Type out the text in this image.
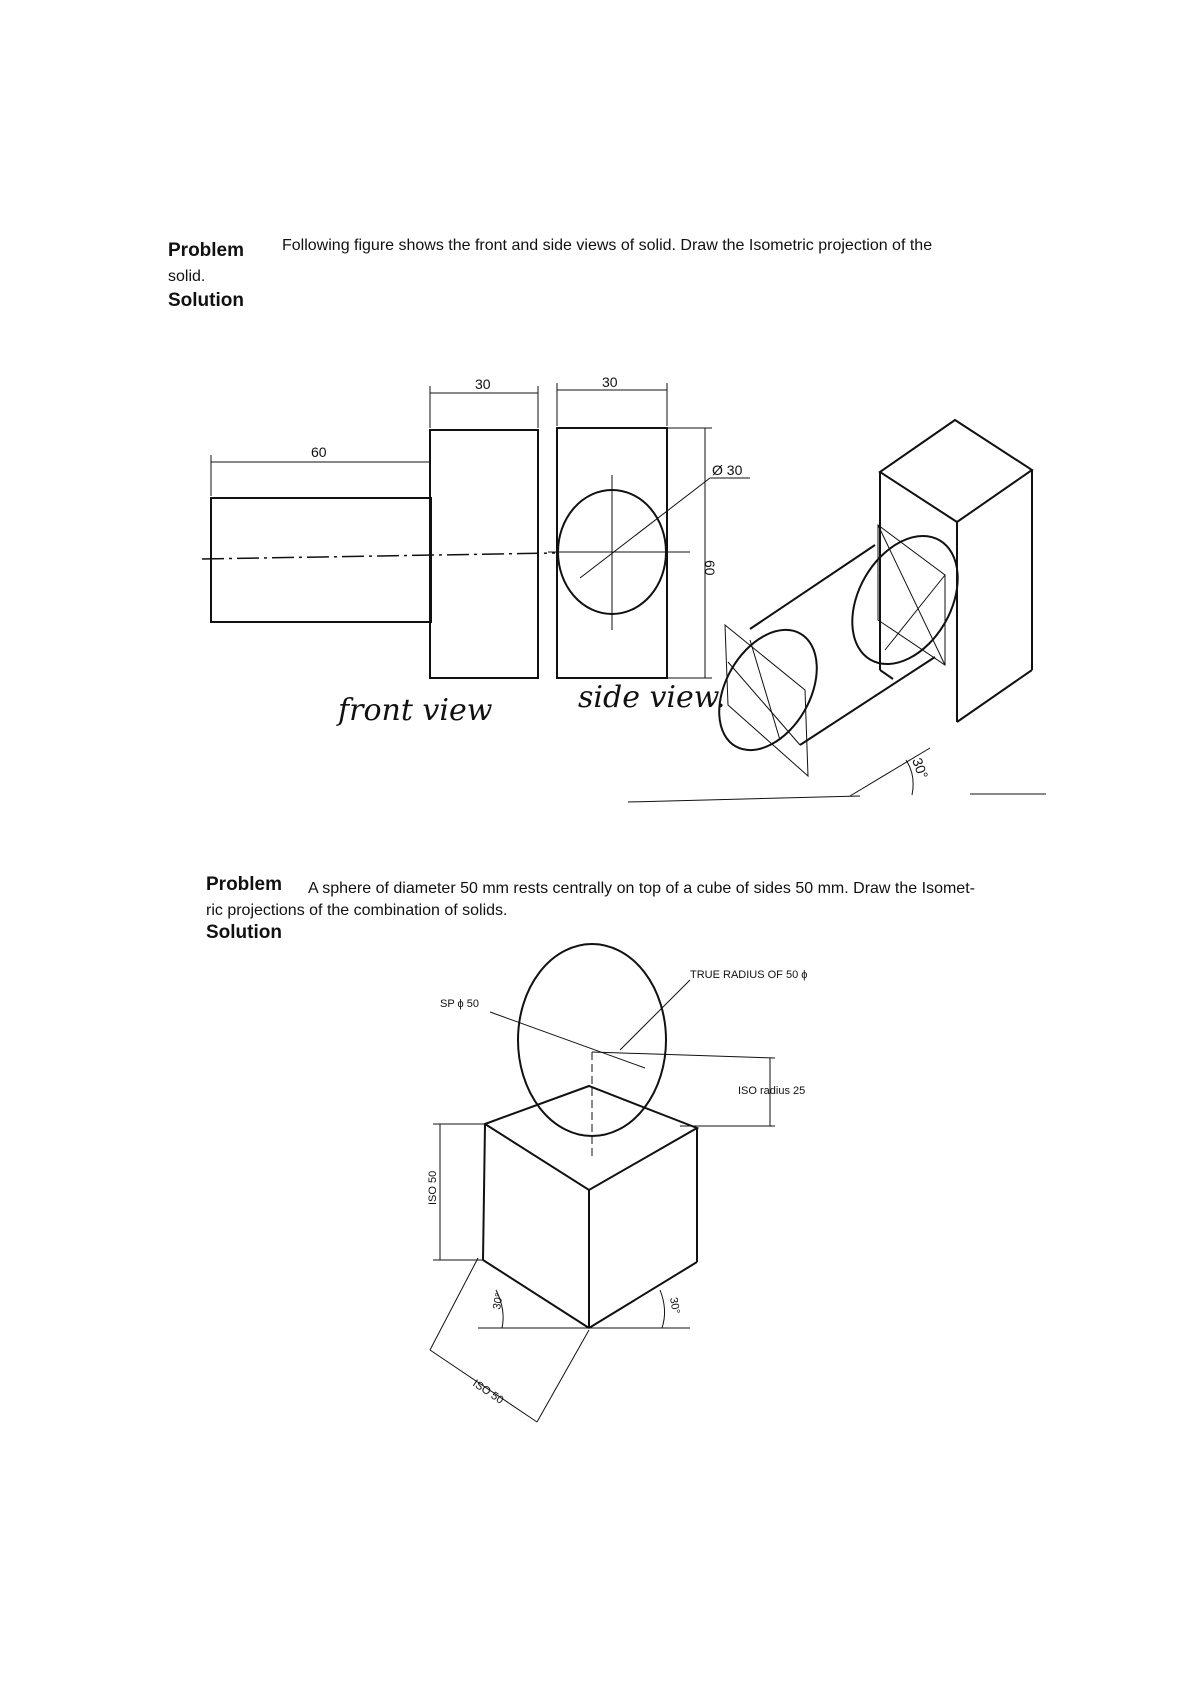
Problem Following figure shows the front and side views of solid. Draw the Isometric projection of the
solid.
Solution
Problem A sphere of diameter 50 mm rests centrally on top of a cube of sides 50 mm. Draw the Isomet-
ric projections of the combination of solids.
Solution
30	30
60
Ø 30
60
front view	side view.
30°
TRUE RADIUS OF 50 ϕ
SP ϕ 50
ISO radius 25
ISO 50
30°	30°
ISO 50
